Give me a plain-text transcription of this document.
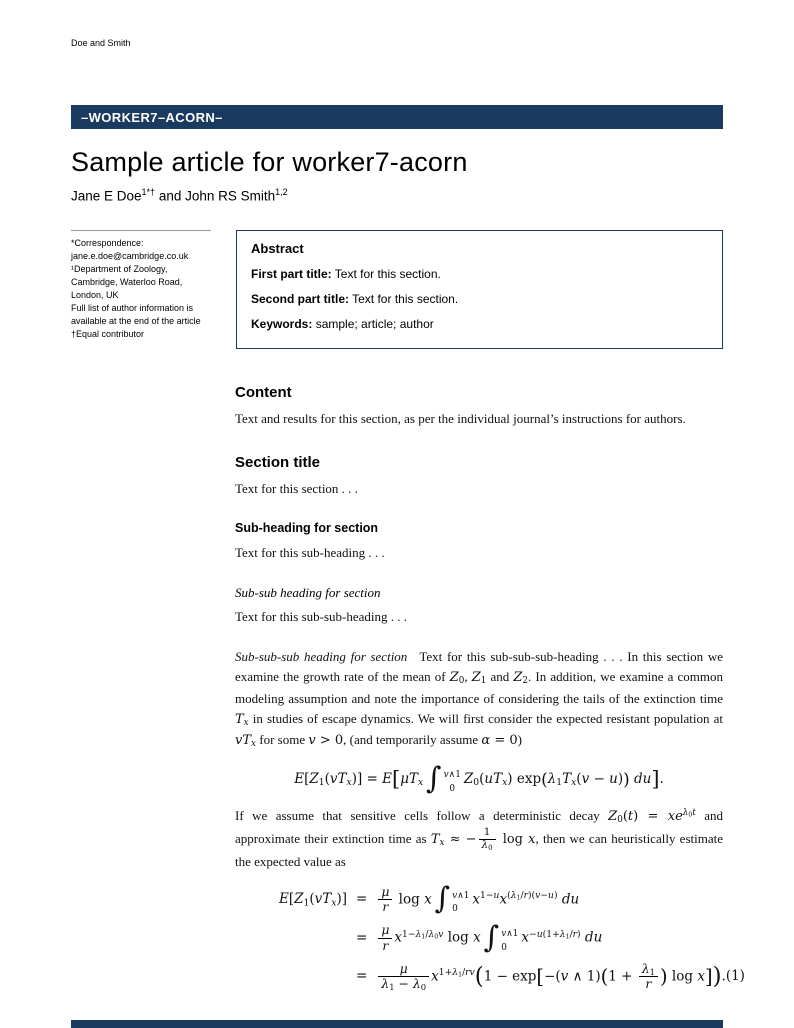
Doe and Smith
–WORKER7–ACORN–
Sample article for worker7-acorn
Jane E Doe$^{1*\dagger}$ and John RS Smith$^{1,2}$
*Correspondence:
jane.e.doe@cambridge.co.uk
¹Department of Zoology,
Cambridge, Waterloo Road,
London, UK
Full list of author information is
available at the end of the article
†Equal contributor
Abstract

First part title: Text for this section.

Second part title: Text for this section.

Keywords: sample; article; author

Content

Text and results for this section, as per the individual journal’s instructions for authors.

Section title

Text for this section . . .

Sub-heading for section

Text for this sub-heading . . .

Sub-sub heading for section

Text for this sub-sub-heading . . .

Sub-sub-sub heading for section Text for this sub-sub-sub-heading . . . In this section we examine the growth rate of the mean of Z0, Z1 and Z2. In addition, we examine a common modeling assumption and note the importance of considering the tails of the extinction time Tx in studies of escape dynamics. We will first consider the expected resistant population at vTx for some v > 0, (and temporarily assume α = 0)

E[Z1(vTx)] = E[μTx ∫ v∧1
0
Z0(uTx) exp(λ1Tx(v − u)) du].

If we assume that sensitive cells follow a deterministic decay $Z0(t) = xe^{\lambda 0t}$ and approximate their extinction time as Tx ≈ − $\frac{1}{\lambda 0}$ log x, then we can heuristically estimate the expected value as

$E[Z1(vTx)] = \frac{\mu}{r}$ log x ∫ v∧1
0
$x^{1-u}x^{(\lambda 1/r)(v-u)}$ du
= $\frac{\mu}{r} x^{1-\lambda 1/\lambda 0v}$ log x ∫ v∧1
0
$x^{-u(1+\lambda 1/r)}$ du
= $\frac{\mu}{\lambda 1 - \lambda 0} x^{1+\lambda 1/rv}(1 - \exp[-(v$ ∧ $1)(1 + \frac{\lambda 1}{r}$ ) log x]). (1)
